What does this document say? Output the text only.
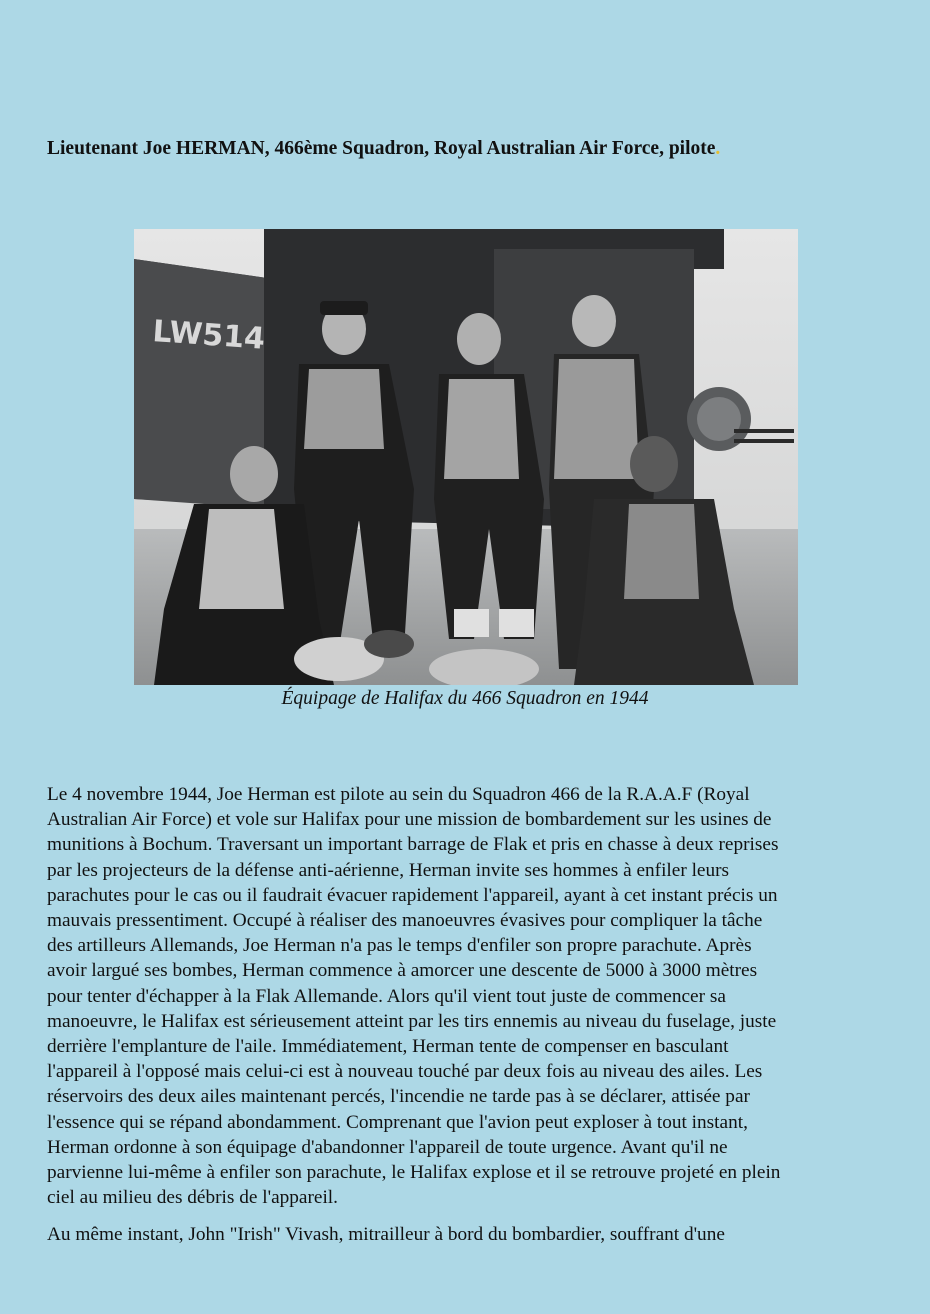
Lieutenant Joe HERMAN, 466ème Squadron, Royal Australian Air Force, pilote.
LW514
Équipage de Halifax du 466 Squadron en 1944
Le 4 novembre 1944, Joe Herman est pilote au sein du Squadron 466 de la R.A.A.F (Royal
Australian Air Force) et vole sur Halifax pour une mission de bombardement sur les usines de
munitions à Bochum. Traversant un important barrage de Flak et pris en chasse à deux reprises
par les projecteurs de la défense anti-aérienne, Herman invite ses hommes à enfiler leurs
parachutes pour le cas ou il faudrait évacuer rapidement l'appareil, ayant à cet instant précis un
mauvais pressentiment. Occupé à réaliser des manoeuvres évasives pour compliquer la tâche
des artilleurs Allemands, Joe Herman n'a pas le temps d'enfiler son propre parachute. Après
avoir largué ses bombes, Herman commence à amorcer une descente de 5000 à 3000 mètres
pour tenter d'échapper à la Flak Allemande. Alors qu'il vient tout juste de commencer sa
manoeuvre, le Halifax est sérieusement atteint par les tirs ennemis au niveau du fuselage, juste
derrière l'emplanture de l'aile. Immédiatement, Herman tente de compenser en basculant
l'appareil à l'opposé mais celui-ci est à nouveau touché par deux fois au niveau des ailes. Les
réservoirs des deux ailes maintenant percés, l'incendie ne tarde pas à se déclarer, attisée par
l'essence qui se répand abondamment. Comprenant que l'avion peut exploser à tout instant,
Herman ordonne à son équipage d'abandonner l'appareil de toute urgence. Avant qu'il ne
parvienne lui-même à enfiler son parachute, le Halifax explose et il se retrouve projeté en plein
ciel au milieu des débris de l'appareil.
Au même instant, John "Irish" Vivash, mitrailleur à bord du bombardier, souffrant d'une
